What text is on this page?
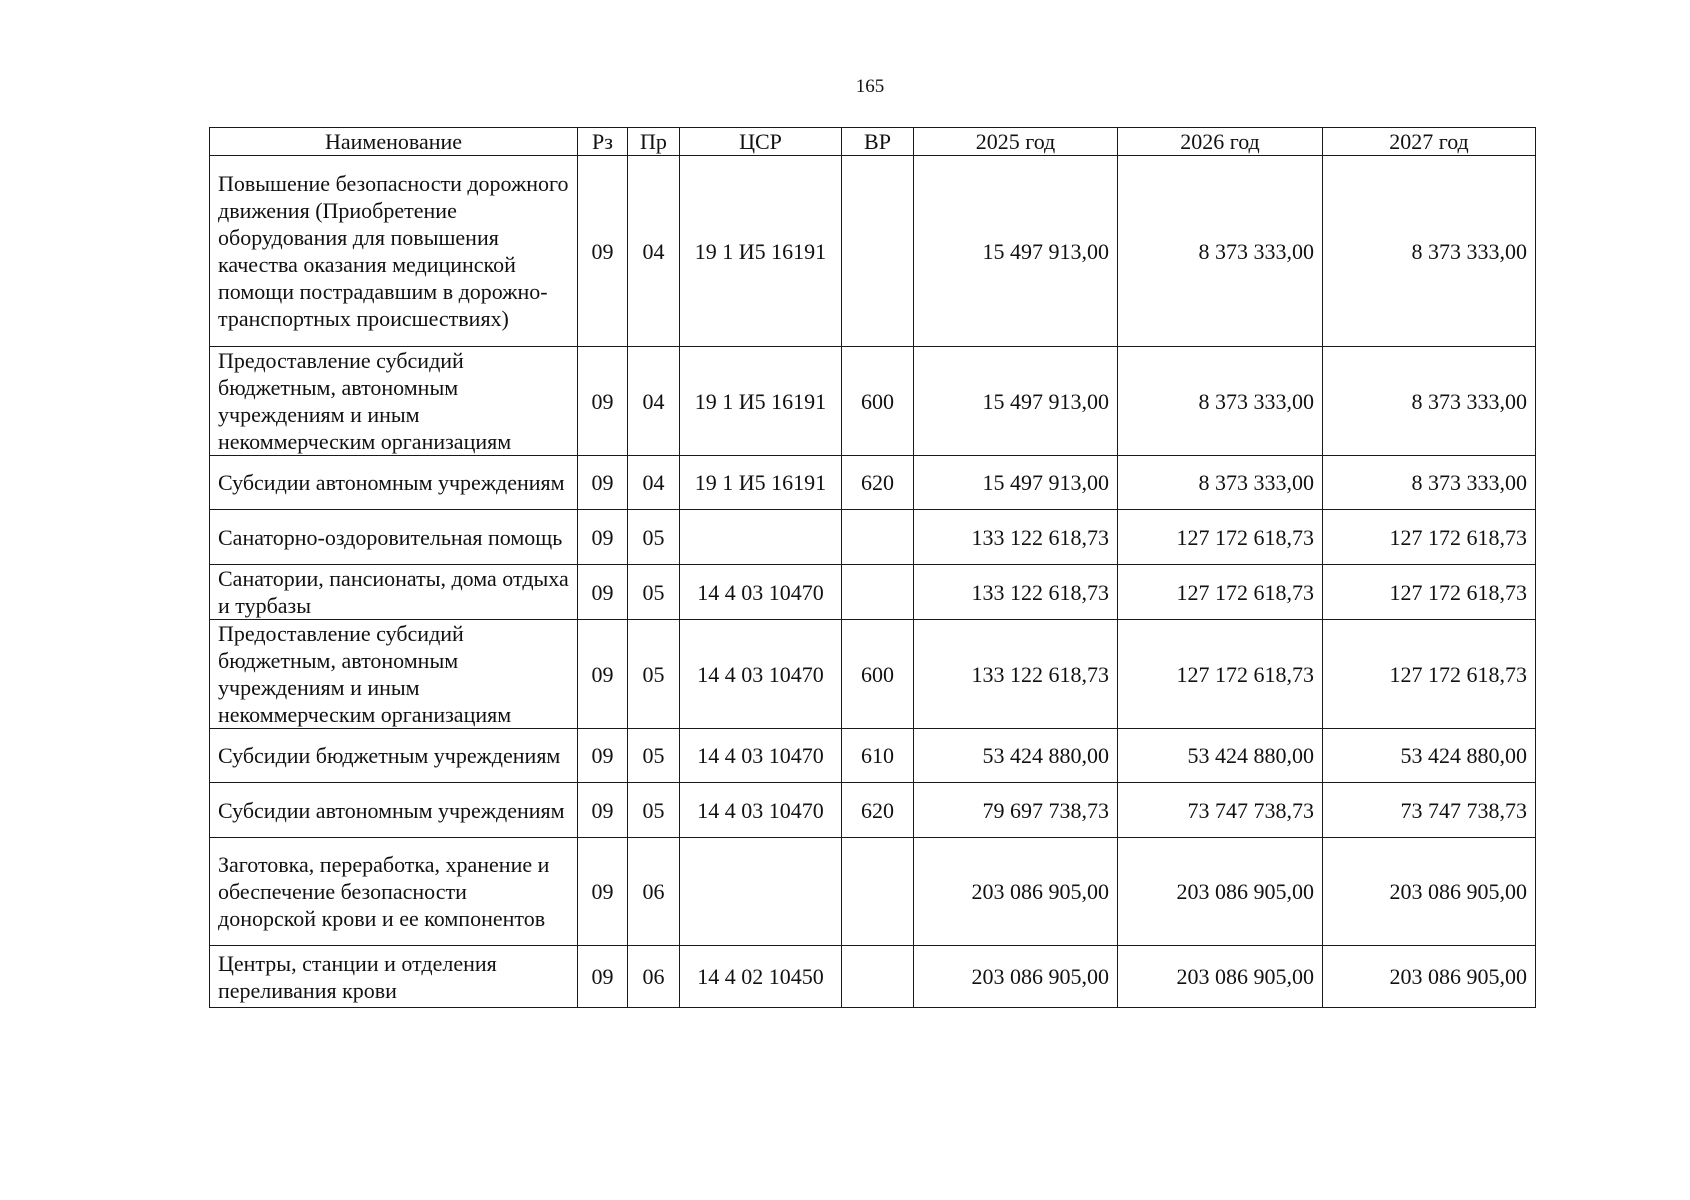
165
Наименование	Рз	Пр	ЦСР	ВР	2025 год	2026 год	2027 год
Повышение безопасности дорожного движения (Приобретение оборудования для повышения качества оказания медицинской помощи пострадавшим в дорожно-транспортных происшествиях)	09	04	19 1 И5 16191		15 497 913,00	8 373 333,00	8 373 333,00
Предоставление субсидий бюджетным, автономным учреждениям и иным некоммерческим организациям	09	04	19 1 И5 16191	600	15 497 913,00	8 373 333,00	8 373 333,00
Субсидии автономным учреждениям	09	04	19 1 И5 16191	620	15 497 913,00	8 373 333,00	8 373 333,00
Санаторно-оздоровительная помощь	09	05			133 122 618,73	127 172 618,73	127 172 618,73
Санатории, пансионаты, дома отдыха и турбазы	09	05	14 4 03 10470		133 122 618,73	127 172 618,73	127 172 618,73
Предоставление субсидий бюджетным, автономным учреждениям и иным некоммерческим организациям	09	05	14 4 03 10470	600	133 122 618,73	127 172 618,73	127 172 618,73
Субсидии бюджетным учреждениям	09	05	14 4 03 10470	610	53 424 880,00	53 424 880,00	53 424 880,00
Субсидии автономным учреждениям	09	05	14 4 03 10470	620	79 697 738,73	73 747 738,73	73 747 738,73
Заготовка, переработка, хранение и обеспечение безопасности донорской крови и ее компонентов	09	06			203 086 905,00	203 086 905,00	203 086 905,00
Центры, станции и отделения переливания крови	09	06	14 4 02 10450		203 086 905,00	203 086 905,00	203 086 905,00
